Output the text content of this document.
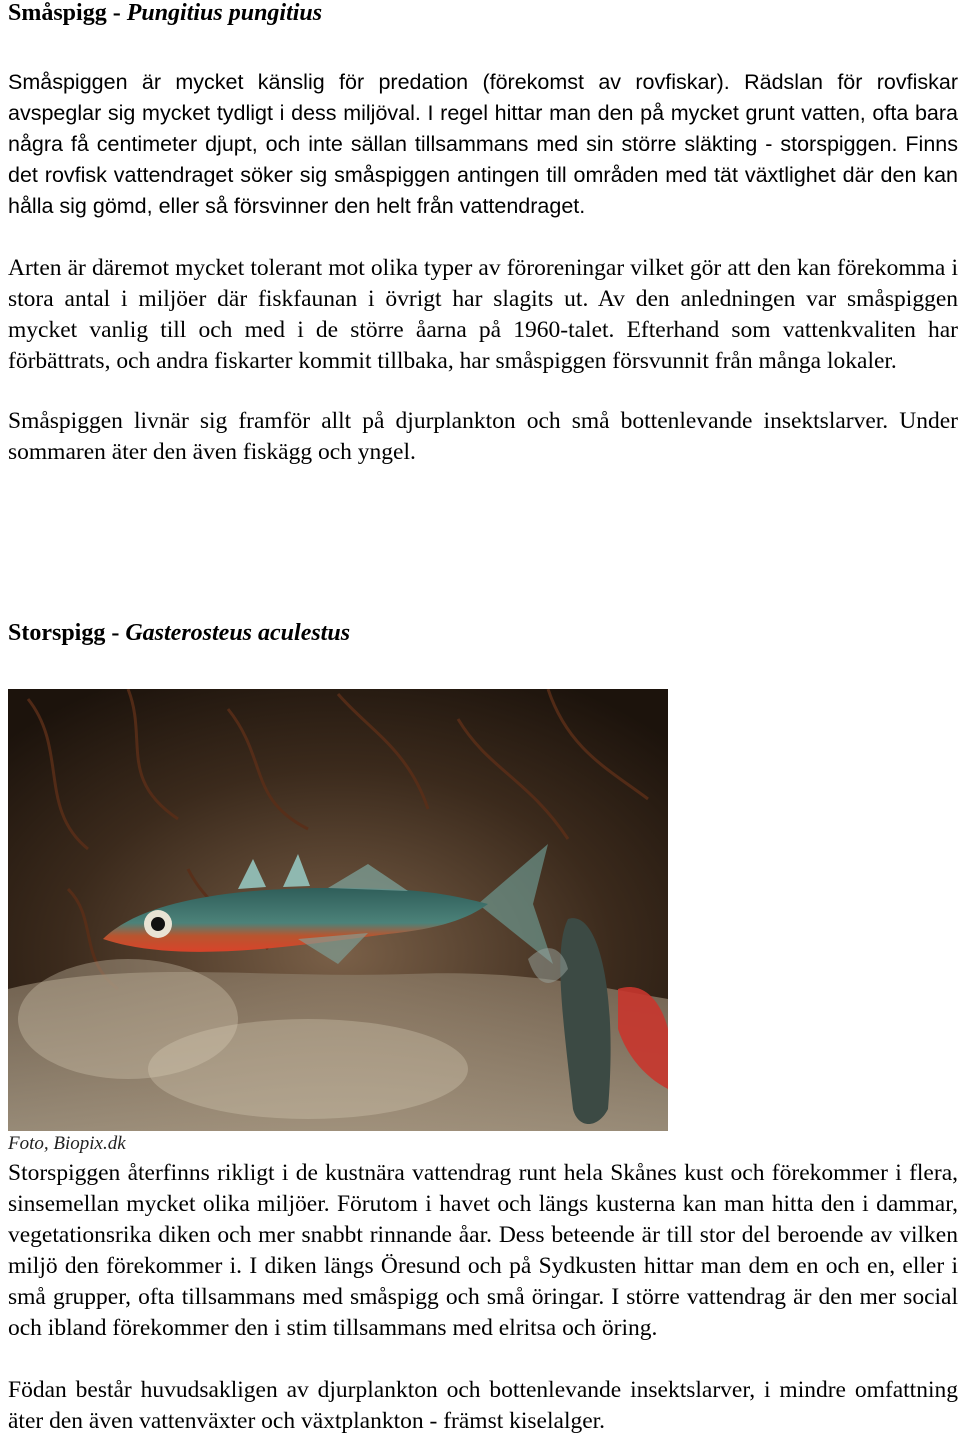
Småspigg - Pungitius pungitius

Småspiggen är mycket känslig för predation (förekomst av rovfiskar). Rädslan för rovfiskar avspeglar sig mycket tydligt i dess miljöval. I regel hittar man den på mycket grunt vatten, ofta bara några få centimeter djupt, och inte sällan tillsammans med sin större släkting - storspiggen. Finns det rovfisk vattendraget söker sig småspiggen antingen till områden med tät växtlighet där den kan hålla sig gömd, eller så försvinner den helt från vattendraget.

Arten är däremot mycket tolerant mot olika typer av föroreningar vilket gör att den kan förekomma i stora antal i miljöer där fiskfaunan i övrigt har slagits ut. Av den anledningen var småspiggen mycket vanlig till och med i de större åarna på 1960-talet. Efterhand som vattenkvaliten har förbättrats, och andra fiskarter kommit tillbaka, har småspiggen försvunnit från många lokaler.

Småspiggen livnär sig framför allt på djurplankton och små bottenlevande insektslarver. Under sommaren äter den även fiskägg och yngel.

Storspigg - Gasterosteus aculestus

Foto, Biopix.dk

Storspiggen återfinns rikligt i de kustnära vattendrag runt hela Skånes kust och förekommer i flera, sinsemellan mycket olika miljöer. Förutom i havet och längs kusterna kan man hitta den i dammar, vegetationsrika diken och mer snabbt rinnande åar. Dess beteende är till stor del beroende av vilken miljö den förekommer i. I diken längs Öresund och på Sydkusten hittar man dem en och en, eller i små grupper, ofta tillsammans med småspigg och små öringar. I större vattendrag är den mer social och ibland förekommer den i stim tillsammans med elritsa och öring.

Födan består huvudsakligen av djurplankton och bottenlevande insektslarver, i mindre omfattning äter den även vattenväxter och växtplankton - främst kiselalger.
